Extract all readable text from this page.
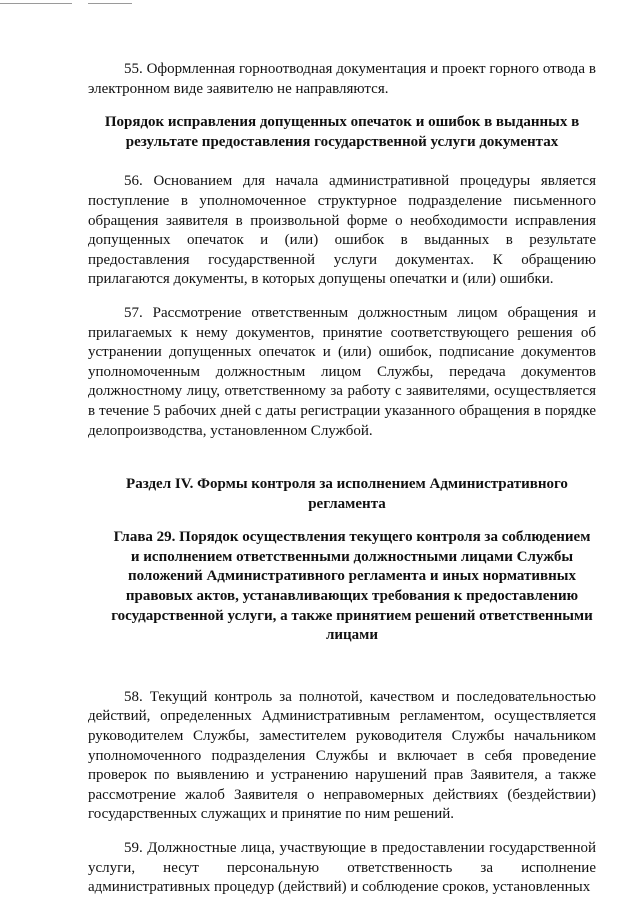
55. Оформленная горноотводная документация и проект горного отвода в электронном виде заявителю не направляются.

Порядок исправления допущенных опечаток и ошибок в выданных в результате предоставления государственной услуги документах

56. Основанием для начала административной процедуры является поступление в уполномоченное структурное подразделение письменного обращения заявителя в произвольной форме о необходимости исправления допущенных опечаток и (или) ошибок в выданных в результате предоставления государственной услуги документах. К обращению прилагаются документы, в которых допущены опечатки и (или) ошибки.

57. Рассмотрение ответственным должностным лицом обращения и прилагаемых к нему документов, принятие соответствующего решения об устранении допущенных опечаток и (или) ошибок, подписание документов уполномоченным должностным лицом Службы, передача документов должностному лицу, ответственному за работу с заявителями, осуществляется в течение 5 рабочих дней с даты регистрации указанного обращения в порядке делопроизводства, установленном Службой.

Раздел IV. Формы контроля за исполнением Административного регламента
Глава 29. Порядок осуществления текущего контроля за соблюдением и исполнением ответственными должностными лицами Службы положений Административного регламента и иных нормативных правовых актов, устанавливающих требования к предоставлению государственной услуги, а также принятием решений ответственными лицами

58. Текущий контроль за полнотой, качеством и последовательностью действий, определенных Административным регламентом, осуществляется руководителем Службы, заместителем руководителя Службы начальником уполномоченного подразделения Службы и включает в себя проведение проверок по выявлению и устранению нарушений прав Заявителя, а также рассмотрение жалоб Заявителя о неправомерных действиях (бездействии) государственных служащих и принятие по ним решений.

59. Должностные лица, участвующие в предоставлении государственной услуги, несут персональную ответственность за исполнение административных процедур (действий) и соблюдение сроков, установленных
